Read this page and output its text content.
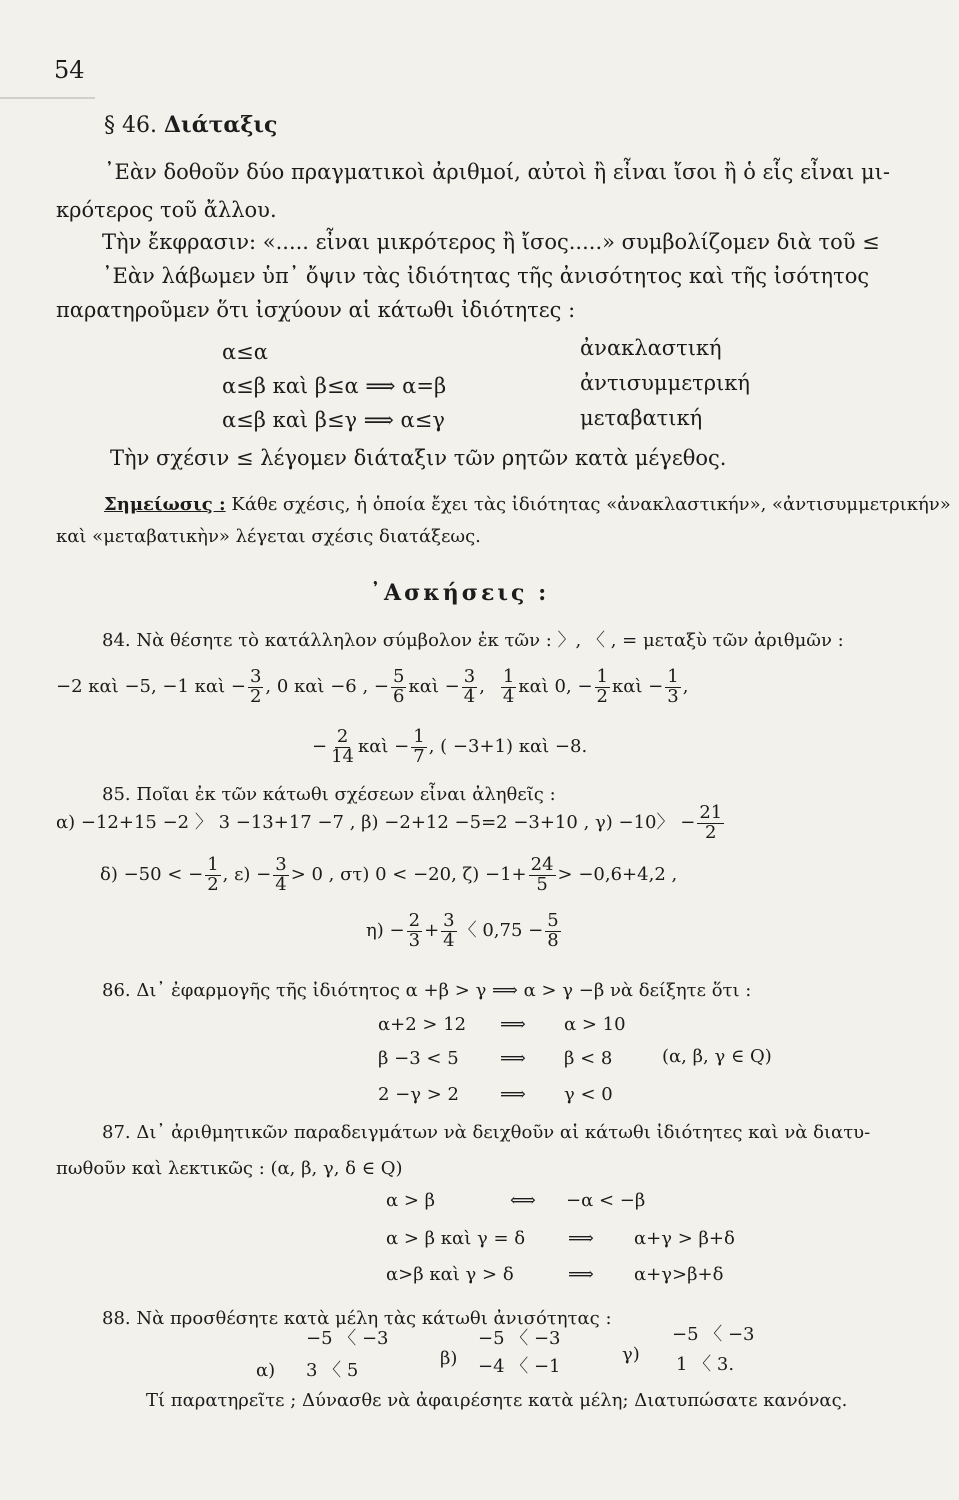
54
§ 46. Διάταξις
᾿Εὰν δοθοῦν δύο πραγματικοὶ ἀριθμοί, αὐτοὶ ἢ εἶναι ἴσοι ἢ ὁ εἷς εἶναι μι-
κρότερος τοῦ ἄλλου.
Τὴν ἔκφρασιν: «..... εἶναι μικρότερος ἢ ἴσος.....» συμβολίζομεν διὰ τοῦ ≤
᾿Εὰν λάβωμεν ὑπ᾿ ὄψιν τὰς ἰδιότητας τῆς ἀνισότητος καὶ τῆς ἰσότητος
παρατηροῦμεν ὅτι ἰσχύουν αἱ κάτωθι ἰδιότητες :
α≤α	ἀνακλαστική
α≤β καὶ β≤α ⟹ α=β	ἀντισυμμετρική
α≤β καὶ β≤γ ⟹ α≤γ	μεταβατική
Τὴν σχέσιν ≤ λέγομεν διάταξιν τῶν ρητῶν κατὰ μέγεθος.
Σημείωσις : Κάθε σχέσις, ἡ ὁποία ἔχει τὰς ἰδιότητας «ἀνακλαστικήν», «ἀντισυμμετρικήν»
καὶ «μεταβατικὴν» λέγεται σχέσις διατάξεως.
᾿Ασκήσεις :
84. Νὰ θέσητε τὸ κατάλληλον σύμβολον ἐκ τῶν : 〉, 〈 , = μεταξὺ τῶν ἀριθμῶν :
−2 καὶ −5, −1 καὶ − $\frac{3}{2}$ , 0 καὶ −6 , − $\frac{5}{6}$ καὶ − $\frac{3}{4}$ , $\frac{1}{4}$ καὶ 0, − $\frac{1}{2}$ καὶ − $\frac{1}{3}$ ,
− $\frac{2}{14}$ καὶ − $\frac{1}{7}$ , ( −3+1) καὶ −8.
85. Ποῖαι ἐκ τῶν κάτωθι σχέσεων εἶναι ἀληθεῖς :
α) −12+15 −2 〉 3 −13+17 −7 , β) −2+12 −5=2 −3+10 , γ) −10〉 − $\frac{21}{2}$
δ) −50 < − $\frac{1}{2}$ , $\varepsilon) - \frac{3}{4} > 0$ , στ) 0 < −20, $\zeta) -1+ \frac{24}{5} > -0,6+4,2$ ,
$\eta) - \frac{2}{3} + \frac{3}{4}$ 〈 $0,75 - \frac{5}{8}$
86. Δι᾿ ἐφαρμογῆς τῆς ἰδιότητος α +β > γ ⟹ α > γ −β νὰ δείξητε ὅτι :
α+2 > 12 ⟹ α > 10
β −3 < 5 ⟹ β < 8	(α, β, γ ∈ Q)
2 −γ > 2 ⟹ γ < 0
87. Δι᾿ ἀριθμητικῶν παραδειγμάτων νὰ δειχθοῦν αἱ κάτωθι ἰδιότητες καὶ νὰ διατυ-
πωθοῦν καὶ λεκτικῶς : (α, β, γ, δ ∈ Q)
α > β	⟺ −α < −β
α > β καὶ γ = δ ⟹ α+γ > β+δ
α>β καὶ γ > δ	⟹ α+γ>β+δ
88. Νὰ προσθέσητε κατὰ μέλη τὰς κάτωθι ἀνισότητας :
α)
−5 〈 −3
3 〈 5
β)
−5 〈 −3
−4 〈 −1
γ)
−5 〈 −3
1 〈 3.
Τί παρατηρεῖτε ; Δύνασθε νὰ ἀφαιρέσητε κατὰ μέλη; Διατυπώσατε κανόνας.
